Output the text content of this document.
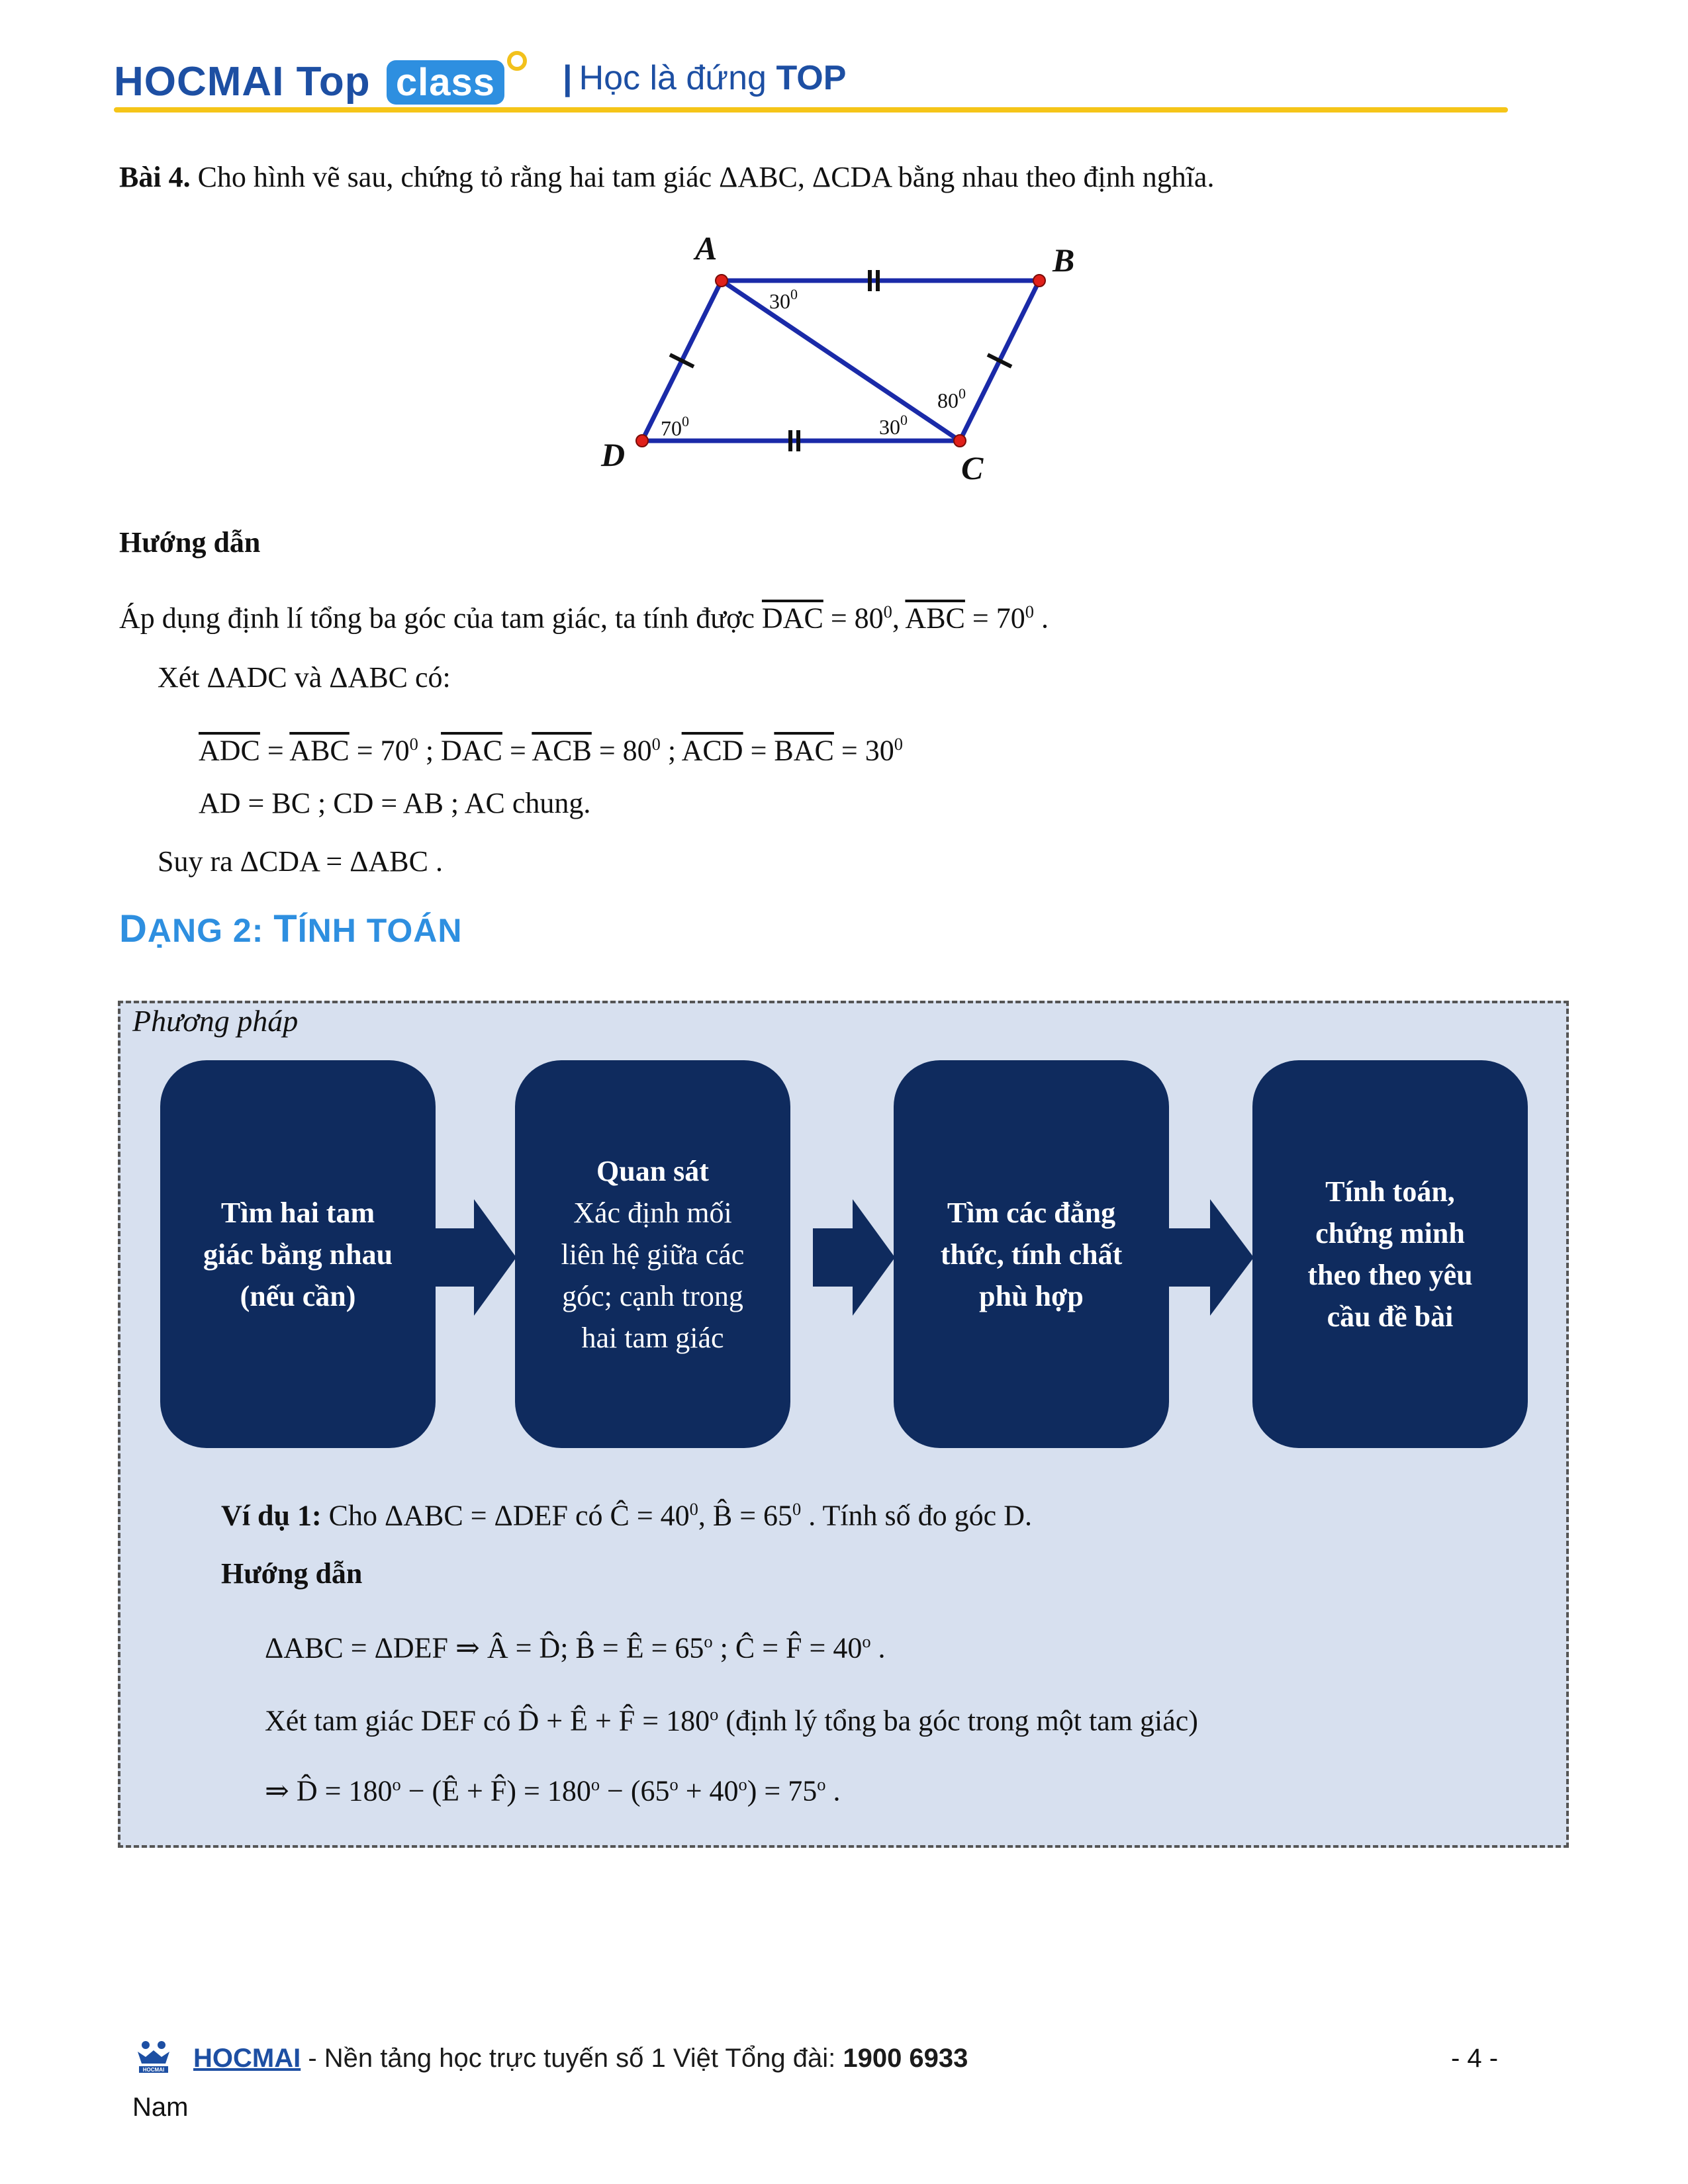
HOCMAI Top class | Học là đứng TOP
Bài 4. Cho hình vẽ sau, chứng tỏ rằng hai tam giác ΔABC, ΔCDA bằng nhau theo định nghĩa.
A	B
C
D
$30^0$
$30^0$
$80^0$
$70^0$
Hướng dẫn
Áp dụng định lí tổng ba góc của tam giác, ta tính được $\overline{DAC} = 80^0$, $\overline{ABC} = 70^0$ .
Xét ΔADC và ΔABC có:
$\overline{ADC} = \overline{ABC} = 70^0$ ; $\overline{DAC} = \overline{ACB} = 80^0$ ; $\overline{ACD} = \overline{BAC} = 30^0$
AD = BC ; CD = AB ; AC chung.
Suy ra ΔCDA = ΔABC .
DẠNG 2: TÍNH TOÁN
Phương pháp
Tìm hai tam giác bằng nhau (nếu cần)
Quan sát
Xác định mối liên hệ giữa các góc; cạnh trong hai tam giác
Tìm các đẳng thức, tính chất phù hợp
Tính toán, chứng minh theo theo yêu cầu đề bài
Ví dụ 1: Cho ΔABC = ΔDEF có $C = 40^0$, $B = 65^0$ . Tính số đo góc D.
Hướng dẫn
ΔABC = ΔDEF ⇒ Â = D̂; B̂ = $E = 65^o$ ; Ĉ = $F = 40^o$ .
Xét tam giác DEF có D̂ + Ê + $F = 180^o$ (định lý tổng ba góc trong một tam giác)
⇒ $D = 180^o$ − (Ê + F̂) = $180^o - (65^o + 40^o) = 75^o$ .
HOCMAI HOCMAI - Nền tảng học trực tuyến số 1 Việt Tổng đài: 1900 6933
Nam
- 4 -
